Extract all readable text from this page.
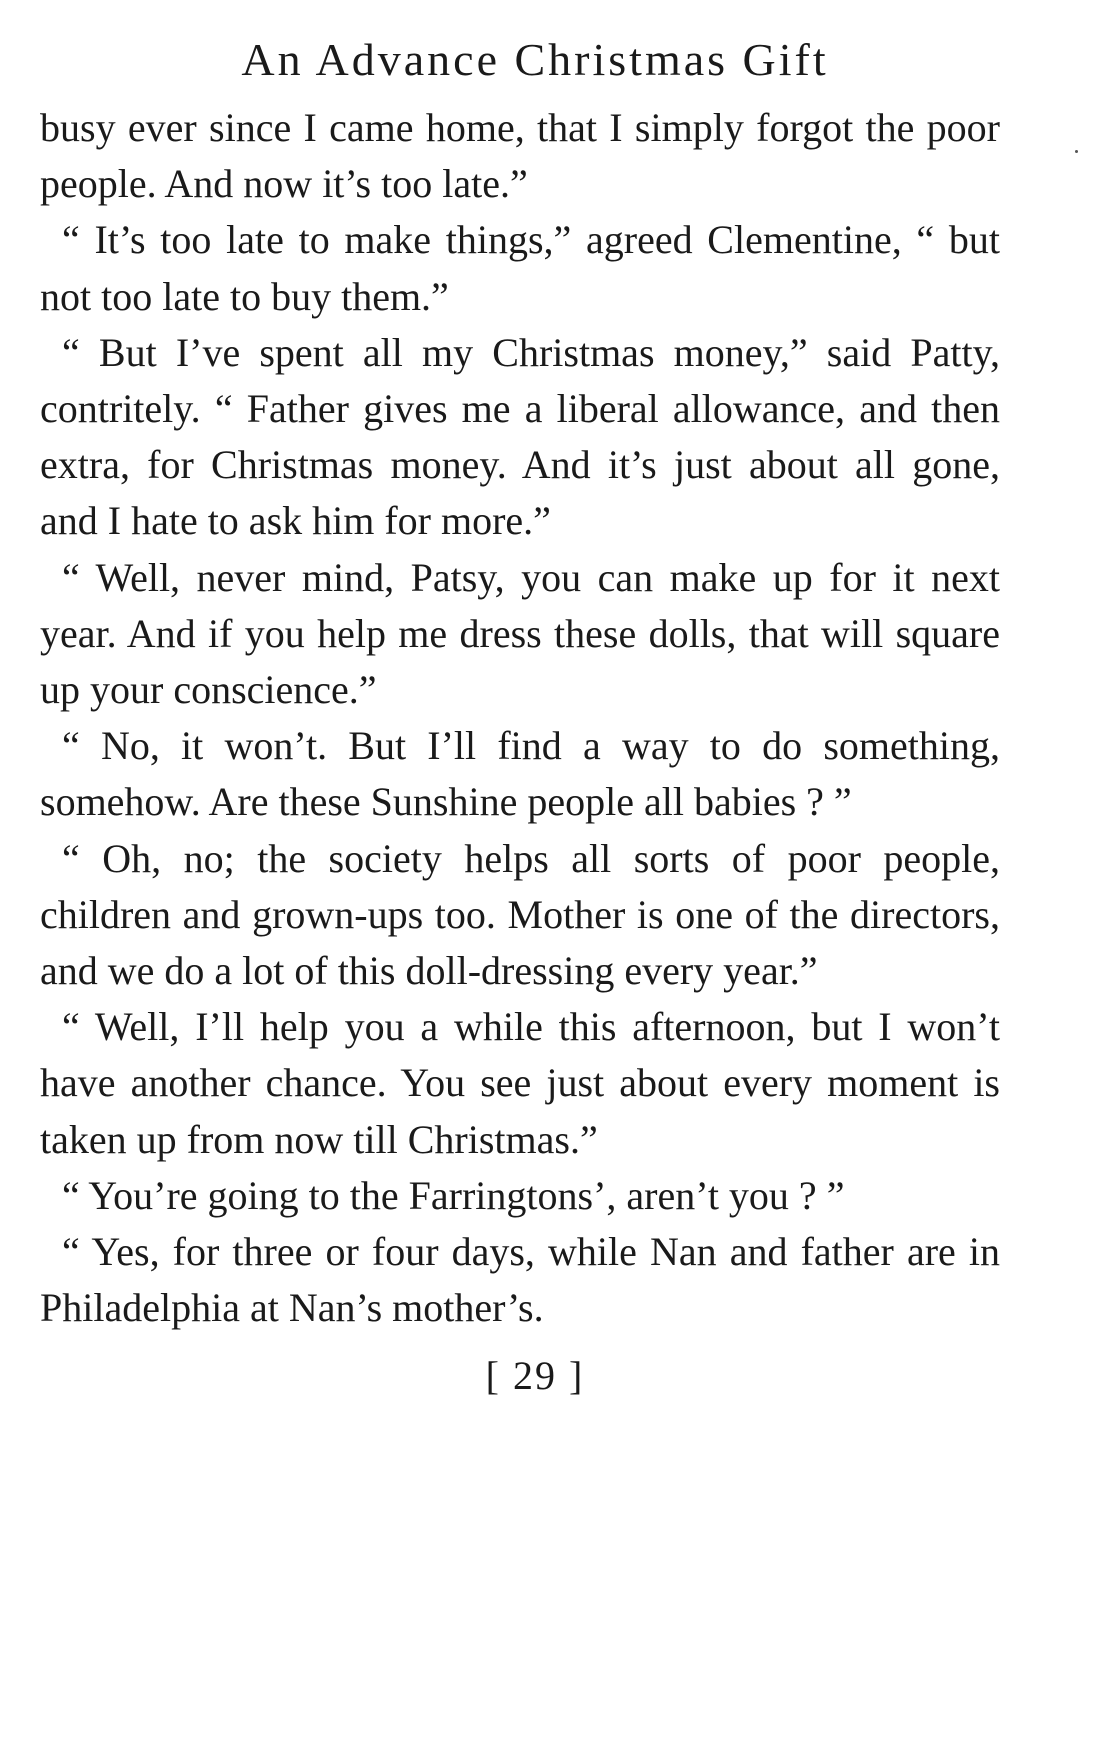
An Advance Christmas Gift

busy ever since I came home, that I simply forgot the poor people. And now it’s too late.”

“ It’s too late to make things,” agreed Clementine, “ but not too late to buy them.”

“ But I’ve spent all my Christmas money,” said Patty, contritely. “ Father gives me a liberal allowance, and then extra, for Christmas money. And it’s just about all gone, and I hate to ask him for more.”

“ Well, never mind, Patsy, you can make up for it next year. And if you help me dress these dolls, that will square up your conscience.”

“ No, it won’t. But I’ll find a way to do something, somehow. Are these Sunshine people all babies ? ”

“ Oh, no; the society helps all sorts of poor people, children and grown-ups too. Mother is one of the directors, and we do a lot of this doll-dressing every year.”

“ Well, I’ll help you a while this afternoon, but I won’t have another chance. You see just about every moment is taken up from now till Christmas.”

“ You’re going to the Farringtons’, aren’t you ? ”

“ Yes, for three or four days, while Nan and father are in Philadelphia at Nan’s mother’s.

[ 29 ]
